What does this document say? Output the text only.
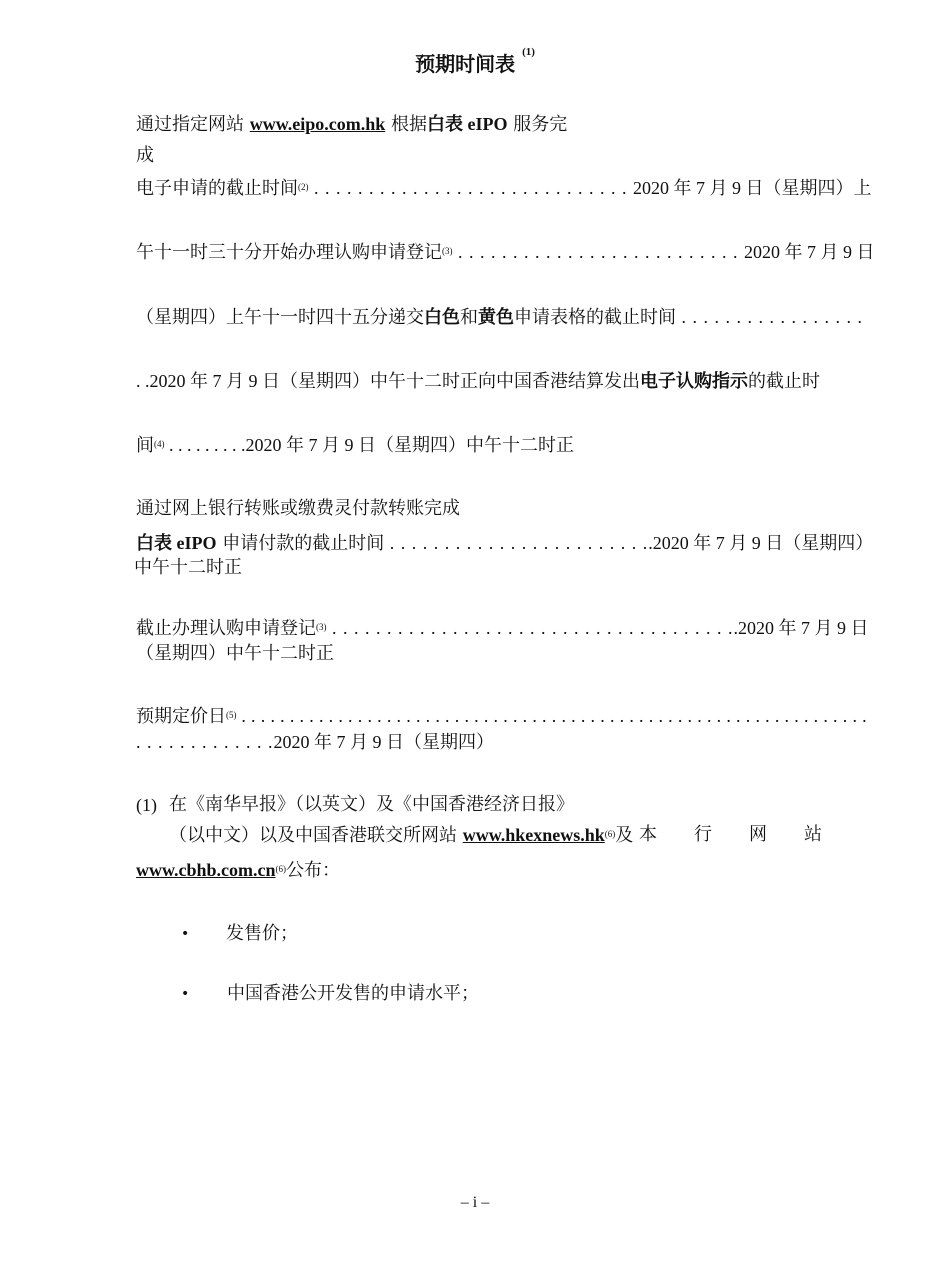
预期时间表 $^{(1)}$
通过指定网站 www.eipo.com.hk 根据白表 eIPO 服务完
成
电子申请的截止时间$^{(2)}$ . . . . . . . . . . . . . . . . . . . . . . . . . . . . . 2020 年 7 月 9 日（星期四）上
午十一时三十分开始办理认购申请登记$^{(3)}$ . . . . . . . . . . . . . . . . . . . . . . . . . . 2020 年 7 月 9 日
（星期四）上午十一时四十五分递交白色和黄色申请表格的截止时间 . . . . . . . . . . . . . . . . .
. .2020 年 7 月 9 日（星期四）中午十二时正向中国香港结算发出电子认购指示的截止时
间$^{(4)}$ . . . . . . . . .2020 年 7 月 9 日（星期四）中午十二时正
通过网上银行转账或缴费灵付款转账完成
白表 eIPO 申请付款的截止时间 . . . . . . . . . . . . . . . . . . . . . . . ..2020 年 7 月 9 日（星期四）
中午十二时正
截止办理认购申请登记$^{(3)}$ . . . . . . . . . . . . . . . . . . . . . . . . . . . . . . . . . . . . ..2020 年 7 月 9 日
（星期四）中午十二时正
预期定价日$^{(5)}$ . . . . . . . . . . . . . . . . . . . . . . . . . . . . . . . . . . . . . . . . . . . . . . . . . . . . . . . . . . . . . . . . .
. . . . . . . . . . . . .2020 年 7 月 9 日（星期四）
(1) 在《南华早报》（以英文）及《中国香港经济日报》
（以中文）以及中国香港联交所网站 $www.hkexnews.hk^{(6)}$及 本 行 网 站
$www.cbhb.com.cn^{(6)}$公布：
• 发售价；
• 中国香港公开发售的申请水平；
– i –
